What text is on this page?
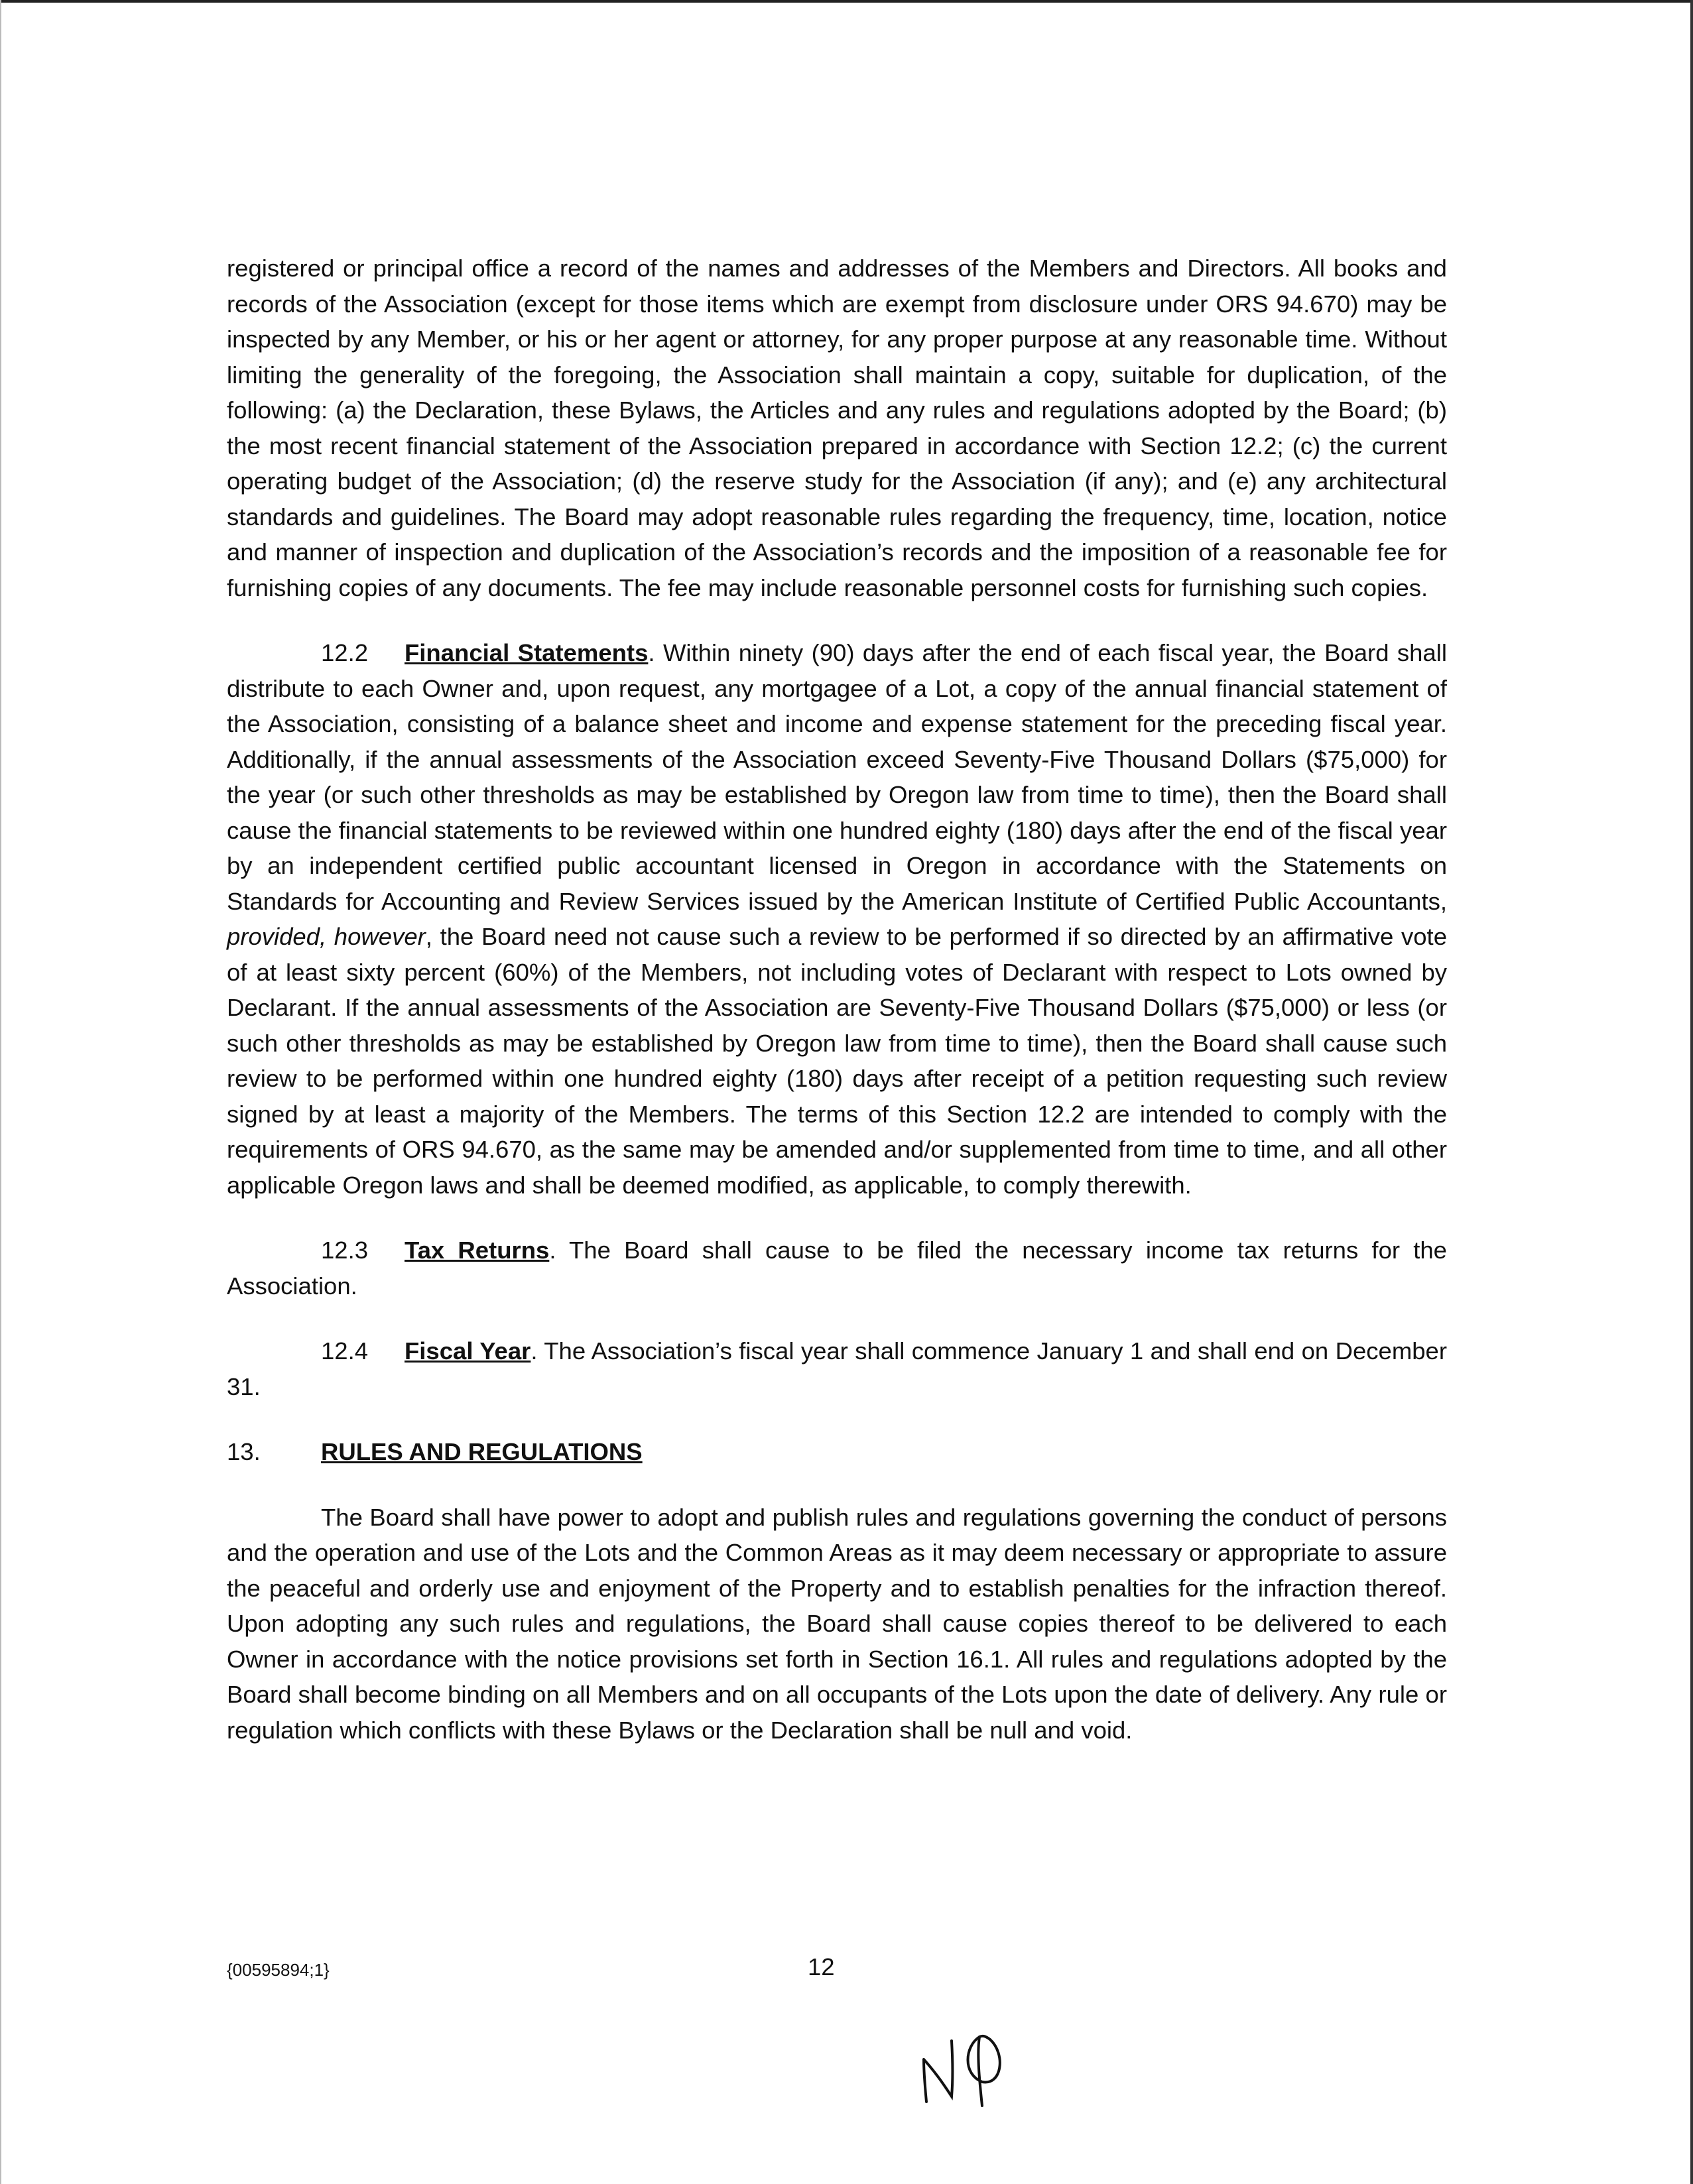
registered or principal office a record of the names and addresses of the Members and Directors. All books and records of the Association (except for those items which are exempt from disclosure under ORS 94.670) may be inspected by any Member, or his or her agent or attorney, for any proper purpose at any reasonable time. Without limiting the generality of the foregoing, the Association shall maintain a copy, suitable for duplication, of the following: (a) the Declaration, these Bylaws, the Articles and any rules and regulations adopted by the Board; (b) the most recent financial statement of the Association prepared in accordance with Section 12.2; (c) the current operating budget of the Association; (d) the reserve study for the Association (if any); and (e) any architectural standards and guidelines. The Board may adopt reasonable rules regarding the frequency, time, location, notice and manner of inspection and duplication of the Association’s records and the imposition of a reasonable fee for furnishing copies of any documents. The fee may include reasonable personnel costs for furnishing such copies.

12.2 Financial Statements. Within ninety (90) days after the end of each fiscal year, the Board shall distribute to each Owner and, upon request, any mortgagee of a Lot, a copy of the annual financial statement of the Association, consisting of a balance sheet and income and expense statement for the preceding fiscal year. Additionally, if the annual assessments of the Association exceed Seventy-Five Thousand Dollars ($75,000) for the year (or such other thresholds as may be established by Oregon law from time to time), then the Board shall cause the financial statements to be reviewed within one hundred eighty (180) days after the end of the fiscal year by an independent certified public accountant licensed in Oregon in accordance with the Statements on Standards for Accounting and Review Services issued by the American Institute of Certified Public Accountants, provided, however, the Board need not cause such a review to be performed if so directed by an affirmative vote of at least sixty percent (60%) of the Members, not including votes of Declarant with respect to Lots owned by Declarant. If the annual assessments of the Association are Seventy-Five Thousand Dollars ($75,000) or less (or such other thresholds as may be established by Oregon law from time to time), then the Board shall cause such review to be performed within one hundred eighty (180) days after receipt of a petition requesting such review signed by at least a majority of the Members. The terms of this Section 12.2 are intended to comply with the requirements of ORS 94.670, as the same may be amended and/or supplemented from time to time, and all other applicable Oregon laws and shall be deemed modified, as applicable, to comply therewith.

12.3 Tax Returns. The Board shall cause to be filed the necessary income tax returns for the Association.

12.4 Fiscal Year. The Association’s fiscal year shall commence January 1 and shall end on December 31.

13.	RULES AND REGULATIONS

The Board shall have power to adopt and publish rules and regulations governing the conduct of persons and the operation and use of the Lots and the Common Areas as it may deem necessary or appropriate to assure the peaceful and orderly use and enjoyment of the Property and to establish penalties for the infraction thereof. Upon adopting any such rules and regulations, the Board shall cause copies thereof to be delivered to each Owner in accordance with the notice provisions set forth in Section 16.1. All rules and regulations adopted by the Board shall become binding on all Members and on all occupants of the Lots upon the date of delivery. Any rule or regulation which conflicts with these Bylaws or the Declaration shall be null and void.

{00595894;1}	12
